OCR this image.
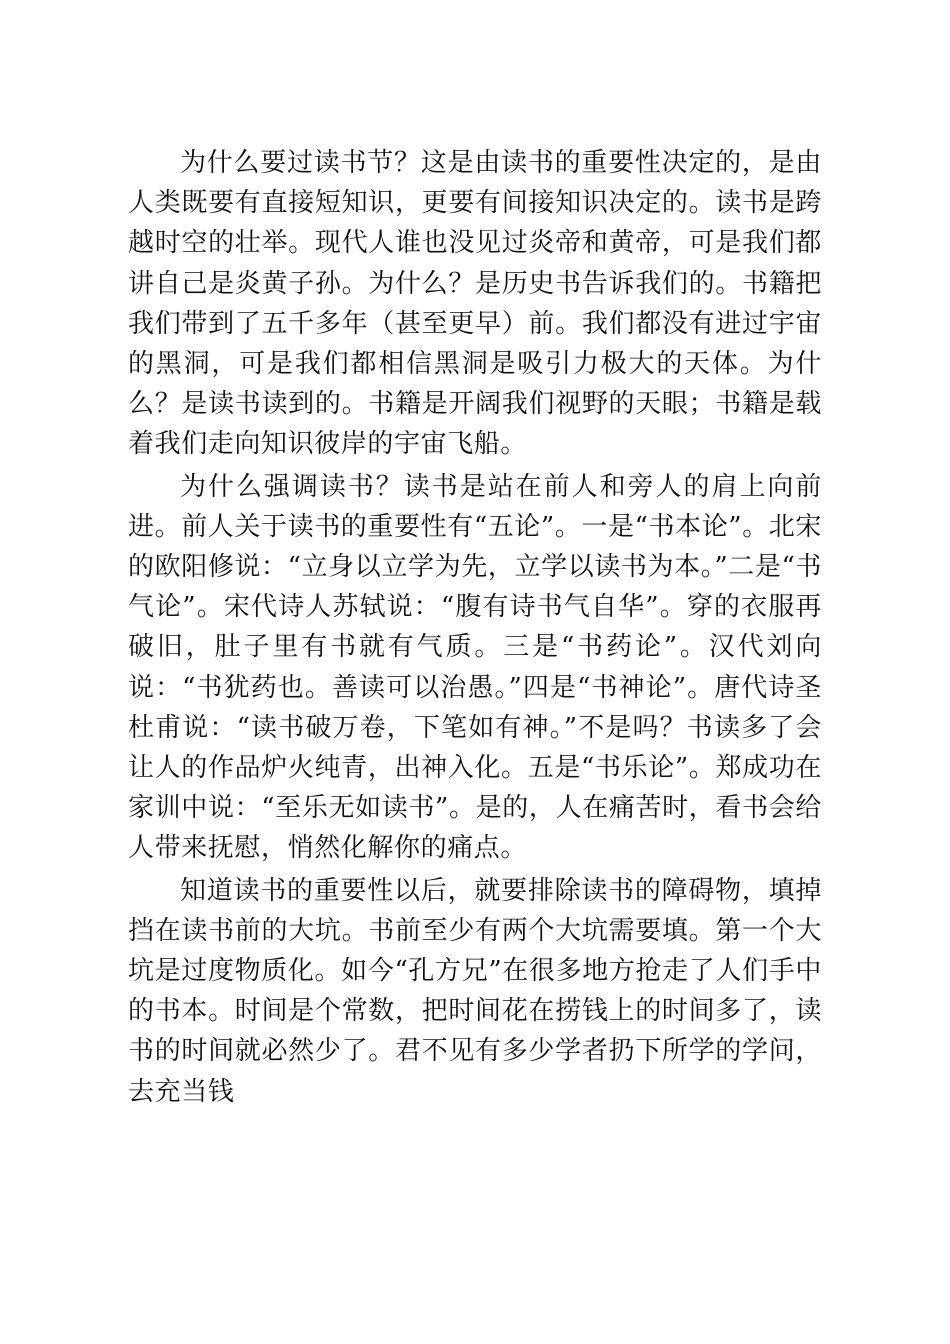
为什么要过读书节？这是由读书的重要性决定的，是由人类既要有直接短知识，更要有间接知识决定的。读书是跨越时空的壮举。现代人谁也没见过炎帝和黄帝，可是我们都讲自己是炎黄子孙。为什么？是历史书告诉我们的。书籍把我们带到了五千多年（甚至更早）前。我们都没有进过宇宙的黑洞，可是我们都相信黑洞是吸引力极大的天体。为什么？是读书读到的。书籍是开阔我们视野的天眼；书籍是载着我们走向知识彼岸的宇宙飞船。

为什么强调读书？读书是站在前人和旁人的肩上向前进。前人关于读书的重要性有“五论”。一是“书本论”。北宋的欧阳修说：“立身以立学为先，立学以读书为本。”二是“书气论”。宋代诗人苏轼说：“腹有诗书气自华”。穿的衣服再破旧，肚子里有书就有气质。三是“书药论”。汉代刘向说：“书犹药也。善读可以治愚。”四是“书神论”。唐代诗圣杜甫说：“读书破万卷，下笔如有神。”不是吗？书读多了会让人的作品炉火纯青，出神入化。五是“书乐论”。郑成功在家训中说：“至乐无如读书”。是的，人在痛苦时，看书会给人带来抚慰，悄然化解你的痛点。

知道读书的重要性以后，就要排除读书的障碍物，填掉挡在读书前的大坑。书前至少有两个大坑需要填。第一个大坑是过度物质化。如今“孔方兄”在很多地方抢走了人们手中的书本。时间是个常数，把时间花在捞钱上的时间多了，读书的时间就必然少了。君不见有多少学者扔下所学的学问，去充当钱
